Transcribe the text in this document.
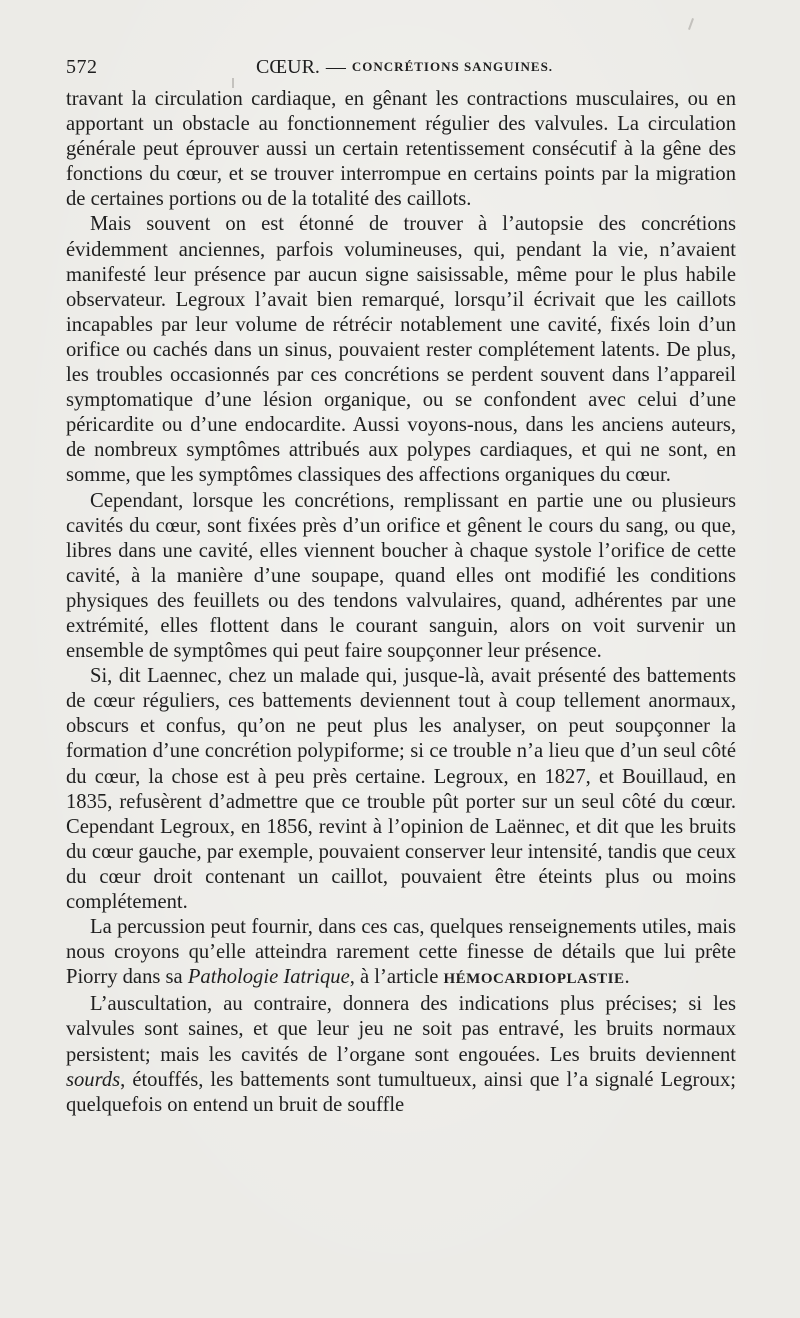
572	CŒUR. — CONCRÉTIONS SANGUINES.

travant la circulation cardiaque, en gênant les contractions musculaires, ou en apportant un obstacle au fonctionnement régulier des valvules. La circulation générale peut éprouver aussi un certain retentissement consécutif à la gêne des fonctions du cœur, et se trouver interrompue en certains points par la migration de certaines portions ou de la totalité des caillots.

Mais souvent on est étonné de trouver à l’autopsie des concrétions évidemment anciennes, parfois volumineuses, qui, pendant la vie, n’avaient manifesté leur présence par aucun signe saisissable, même pour le plus habile observateur. Legroux l’avait bien remarqué, lorsqu’il écrivait que les caillots incapables par leur volume de rétrécir notablement une cavité, fixés loin d’un orifice ou cachés dans un sinus, pouvaient rester complétement latents. De plus, les troubles occasionnés par ces concrétions se perdent souvent dans l’appareil symptomatique d’une lésion organique, ou se confondent avec celui d’une péricardite ou d’une endocardite. Aussi voyons-nous, dans les anciens auteurs, de nombreux symptômes attribués aux polypes cardiaques, et qui ne sont, en somme, que les symptômes classiques des affections organiques du cœur.

Cependant, lorsque les concrétions, remplissant en partie une ou plusieurs cavités du cœur, sont fixées près d’un orifice et gênent le cours du sang, ou que, libres dans une cavité, elles viennent boucher à chaque systole l’orifice de cette cavité, à la manière d’une soupape, quand elles ont modifié les conditions physiques des feuillets ou des tendons valvulaires, quand, adhérentes par une extrémité, elles flottent dans le courant sanguin, alors on voit survenir un ensemble de symptômes qui peut faire soupçonner leur présence.

Si, dit Laennec, chez un malade qui, jusque-là, avait présenté des battements de cœur réguliers, ces battements deviennent tout à coup tellement anormaux, obscurs et confus, qu’on ne peut plus les analyser, on peut soupçonner la formation d’une concrétion polypiforme; si ce trouble n’a lieu que d’un seul côté du cœur, la chose est à peu près certaine. Legroux, en 1827, et Bouillaud, en 1835, refusèrent d’admettre que ce trouble pût porter sur un seul côté du cœur. Cependant Legroux, en 1856, revint à l’opinion de Laënnec, et dit que les bruits du cœur gauche, par exemple, pouvaient conserver leur intensité, tandis que ceux du cœur droit contenant un caillot, pouvaient être éteints plus ou moins complétement.

La percussion peut fournir, dans ces cas, quelques renseignements utiles, mais nous croyons qu’elle atteindra rarement cette finesse de détails que lui prête Piorry dans sa Pathologie Iatrique, à l’article HÉMOCARDIOPLASTIE.

L’auscultation, au contraire, donnera des indications plus précises; si les valvules sont saines, et que leur jeu ne soit pas entravé, les bruits normaux persistent; mais les cavités de l’organe sont engouées. Les bruits deviennent sourds, étouffés, les battements sont tumultueux, ainsi que l’a signalé Legroux; quelquefois on entend un bruit de souffle
